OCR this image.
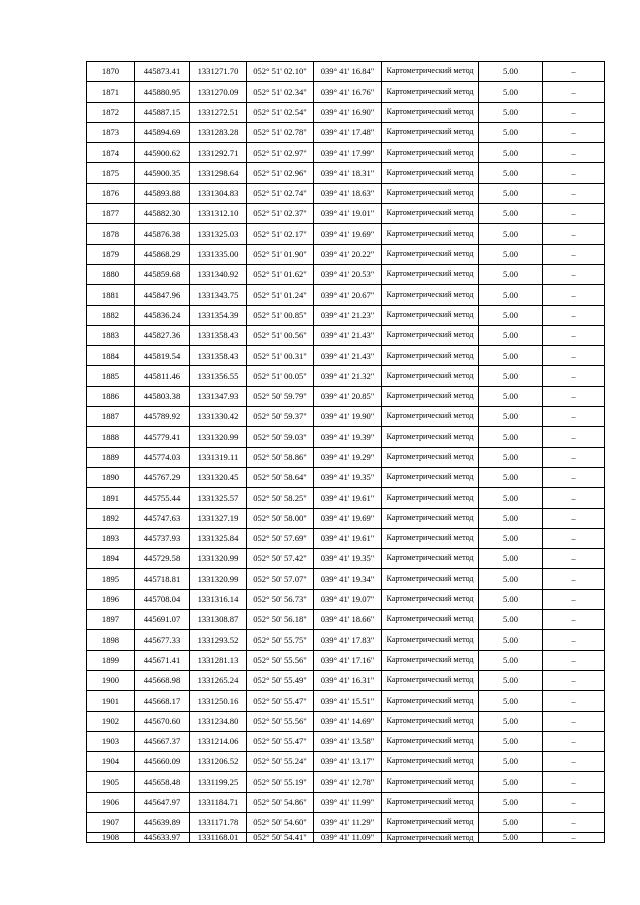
1870	445873.41	1331271.70	052° 51' 02.10"	039° 41' 16.84"	Картометрический метод	5.00	–
1871	445880.95	1331270.09	052° 51' 02.34"	039° 41' 16.76"	Картометрический метод	5.00	–
1872	445887.15	1331272.51	052° 51' 02.54"	039° 41' 16.90"	Картометрический метод	5.00	–
1873	445894.69	1331283.28	052° 51' 02.78"	039° 41' 17.48"	Картометрический метод	5.00	–
1874	445900.62	1331292.71	052° 51' 02.97"	039° 41' 17.99"	Картометрический метод	5.00	–
1875	445900.35	1331298.64	052° 51' 02.96"	039° 41' 18.31"	Картометрический метод	5.00	–
1876	445893.88	1331304.83	052° 51' 02.74"	039° 41' 18.63"	Картометрический метод	5.00	–
1877	445882.30	1331312.10	052° 51' 02.37"	039° 41' 19.01"	Картометрический метод	5.00	–
1878	445876.38	1331325.03	052° 51' 02.17"	039° 41' 19.69"	Картометрический метод	5.00	–
1879	445868.29	1331335.00	052° 51' 01.90"	039° 41' 20.22"	Картометрический метод	5.00	–
1880	445859.68	1331340.92	052° 51' 01.62"	039° 41' 20.53"	Картометрический метод	5.00	–
1881	445847.96	1331343.75	052° 51' 01.24"	039° 41' 20.67"	Картометрический метод	5.00	–
1882	445836.24	1331354.39	052° 51' 00.85"	039° 41' 21.23"	Картометрический метод	5.00	–
1883	445827.36	1331358.43	052° 51' 00.56"	039° 41' 21.43"	Картометрический метод	5.00	–
1884	445819.54	1331358.43	052° 51' 00.31"	039° 41' 21.43"	Картометрический метод	5.00	–
1885	445811.46	1331356.55	052° 51' 00.05"	039° 41' 21.32"	Картометрический метод	5.00	–
1886	445803.38	1331347.93	052° 50' 59.79"	039° 41' 20.85"	Картометрический метод	5.00	–
1887	445789.92	1331330.42	052° 50' 59.37"	039° 41' 19.90"	Картометрический метод	5.00	–
1888	445779.41	1331320.99	052° 50' 59.03"	039° 41' 19.39"	Картометрический метод	5.00	–
1889	445774.03	1331319.11	052° 50' 58.86"	039° 41' 19.29"	Картометрический метод	5.00	–
1890	445767.29	1331320.45	052° 50' 58.64"	039° 41' 19.35"	Картометрический метод	5.00	–
1891	445755.44	1331325.57	052° 50' 58.25"	039° 41' 19.61"	Картометрический метод	5.00	–
1892	445747.63	1331327.19	052° 50' 58.00"	039° 41' 19.69"	Картометрический метод	5.00	–
1893	445737.93	1331325.84	052° 50' 57.69"	039° 41' 19.61"	Картометрический метод	5.00	–
1894	445729.58	1331320.99	052° 50' 57.42"	039° 41' 19.35"	Картометрический метод	5.00	–
1895	445718.81	1331320.99	052° 50' 57.07"	039° 41' 19.34"	Картометрический метод	5.00	–
1896	445708.04	1331316.14	052° 50' 56.73"	039° 41' 19.07"	Картометрический метод	5.00	–
1897	445691.07	1331308.87	052° 50' 56.18"	039° 41' 18.66"	Картометрический метод	5.00	–
1898	445677.33	1331293.52	052° 50' 55.75"	039° 41' 17.83"	Картометрический метод	5.00	–
1899	445671.41	1331281.13	052° 50' 55.56"	039° 41' 17.16"	Картометрический метод	5.00	–
1900	445668.98	1331265.24	052° 50' 55.49"	039° 41' 16.31"	Картометрический метод	5.00	–
1901	445668.17	1331250.16	052° 50' 55.47"	039° 41' 15.51"	Картометрический метод	5.00	–
1902	445670.60	1331234.80	052° 50' 55.56"	039° 41' 14.69"	Картометрический метод	5.00	–
1903	445667.37	1331214.06	052° 50' 55.47"	039° 41' 13.58"	Картометрический метод	5.00	–
1904	445660.09	1331206.52	052° 50' 55.24"	039° 41' 13.17"	Картометрический метод	5.00	–
1905	445658.48	1331199.25	052° 50' 55.19"	039° 41' 12.78"	Картометрический метод	5.00	–
1906	445647.97	1331184.71	052° 50' 54.86"	039° 41' 11.99"	Картометрический метод	5.00	–
1907	445639.89	1331171.78	052° 50' 54.60"	039° 41' 11.29"	Картометрический метод	5.00	–
1908	445633.97	1331168.01	052° 50' 54.41"	039° 41' 11.09"	Картометрический метод	5.00	–
